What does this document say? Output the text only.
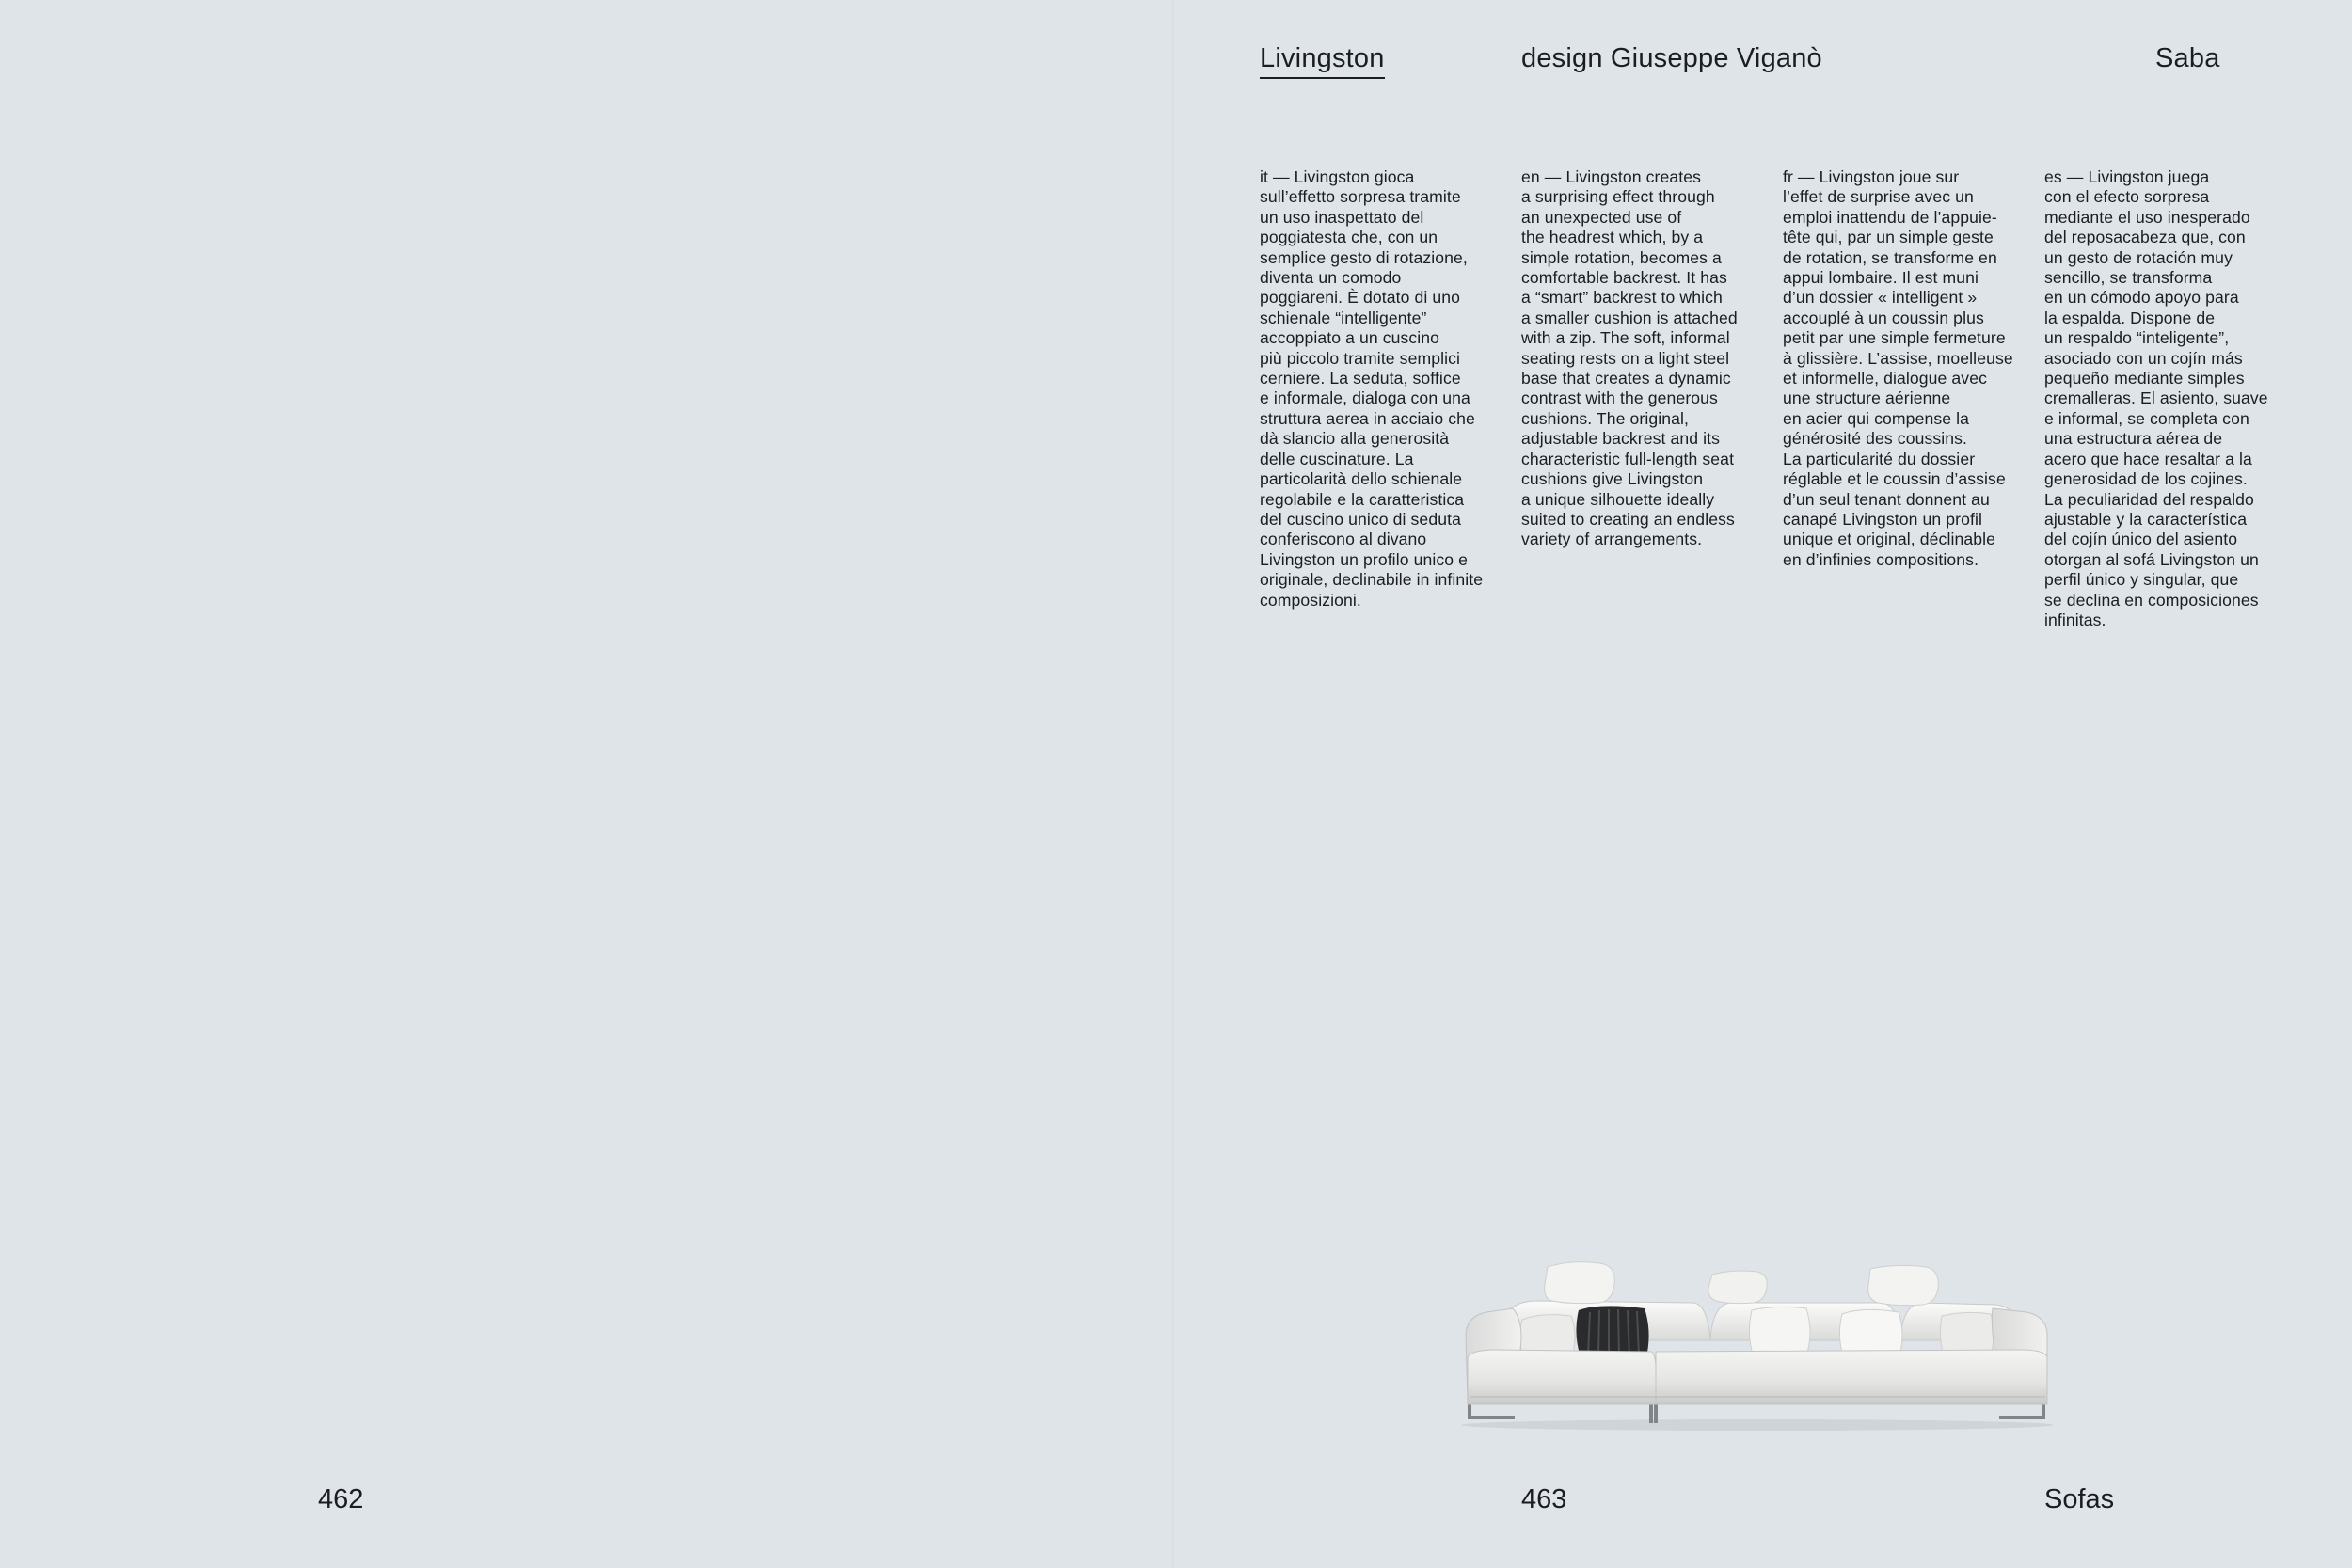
Livingston	design Giuseppe Viganò	Saba
it — Livingston gioca
sull’effetto sorpresa tramite
un uso inaspettato del
poggiatesta che, con un
semplice gesto di rotazione,
diventa un comodo
poggiareni. È dotato di uno
schienale “intelligente”
accoppiato a un cuscino
più piccolo tramite semplici
cerniere. La seduta, soffice
e informale, dialoga con una
struttura aerea in acciaio che
dà slancio alla generosità
delle cuscinature. La
particolarità dello schienale
regolabile e la caratteristica
del cuscino unico di seduta
conferiscono al divano
Livingston un profilo unico e
originale, declinabile in infinite
composizioni.
en — Livingston creates
a surprising effect through
an unexpected use of
the headrest which, by a
simple rotation, becomes a
comfortable backrest. It has
a “smart” backrest to which
a smaller cushion is attached
with a zip. The soft, informal
seating rests on a light steel
base that creates a dynamic
contrast with the generous
cushions. The original,
adjustable backrest and its
characteristic full-length seat
cushions give Livingston
a unique silhouette ideally
suited to creating an endless
variety of arrangements.
fr — Livingston joue sur
l’effet de surprise avec un
emploi inattendu de l’appuie-
tête qui, par un simple geste
de rotation, se transforme en
appui lombaire. Il est muni
d’un dossier « intelligent »
accouplé à un coussin plus
petit par une simple fermeture
à glissière. L’assise, moelleuse
et informelle, dialogue avec
une structure aérienne
en acier qui compense la
générosité des coussins.
La particularité du dossier
réglable et le coussin d’assise
d’un seul tenant donnent au
canapé Livingston un profil
unique et original, déclinable
en d’infinies compositions.
es — Livingston juega
con el efecto sorpresa
mediante el uso inesperado
del reposacabeza que, con
un gesto de rotación muy
sencillo, se transforma
en un cómodo apoyo para
la espalda. Dispone de
un respaldo “inteligente”,
asociado con un cojín más
pequeño mediante simples
cremalleras. El asiento, suave
e informal, se completa con
una estructura aérea de
acero que hace resaltar a la
generosidad de los cojines.
La peculiaridad del respaldo
ajustable y la característica
del cojín único del asiento
otorgan al sofá Livingston un
perfil único y singular, que
se declina en composiciones
infinitas.
462	463	Sofas
